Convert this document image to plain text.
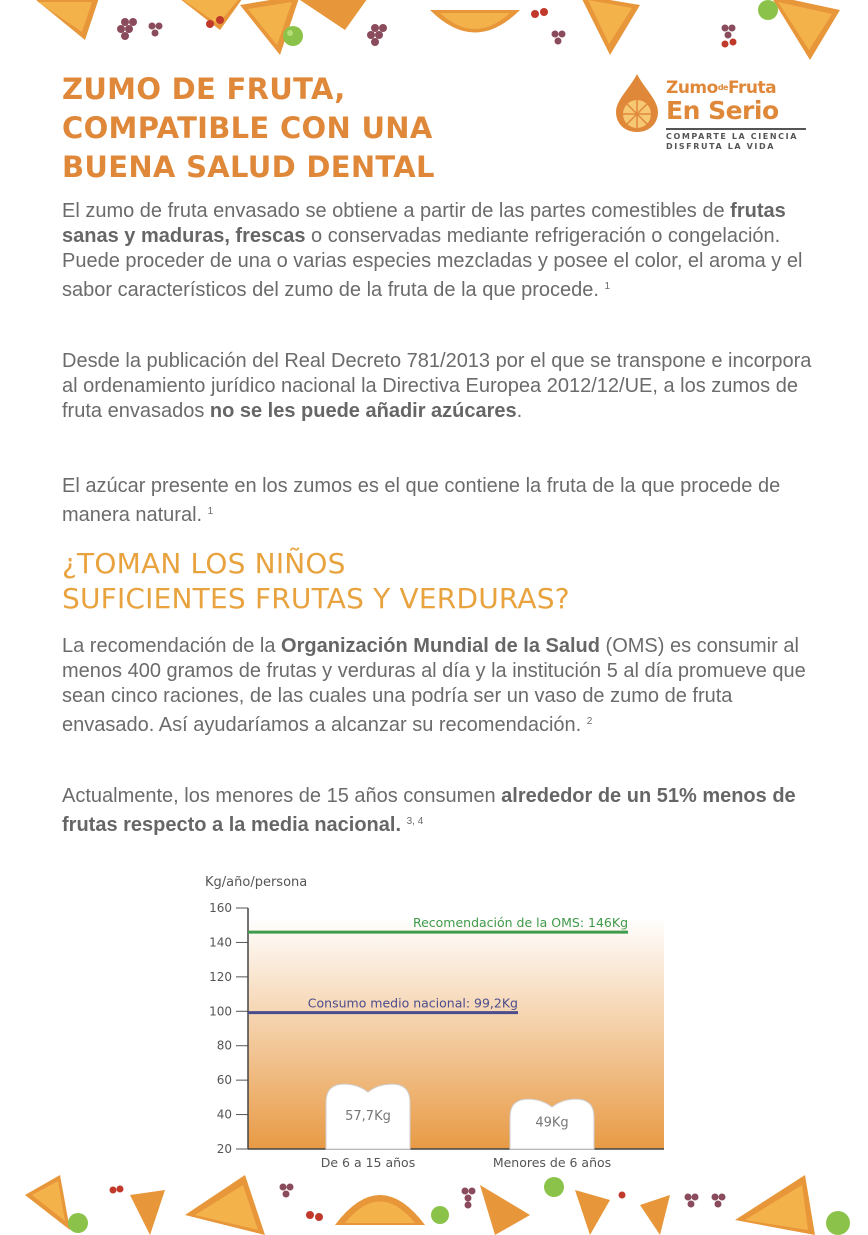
ZUMO DE FRUTA,
COMPATIBLE CON UNA
BUENA SALUD DENTAL
ZumodeFruta
En Serio
COMPARTE LA CIENCIA
DISFRUTA LA VIDA

El zumo de fruta envasado se obtiene a partir de las partes comestibles de frutas sanas y maduras, frescas o conservadas mediante refrigeración o congelación. Puede proceder de una o varias especies mezcladas y posee el color, el aroma y el sabor característicos del zumo de la fruta de la que procede. $^1$

Desde la publicación del Real Decreto 781/2013 por el que se transpone e incorpora al ordenamiento jurídico nacional la Directiva Europea 2012/12/UE, a los zumos de fruta envasados no se les puede añadir azúcares.

El azúcar presente en los zumos es el que contiene la fruta de la que procede de manera natural. $^1$

¿TOMAN LOS NIÑOS
SUFICIENTES FRUTAS Y VERDURAS?

La recomendación de la Organización Mundial de la Salud (OMS) es consumir al menos 400 gramos de frutas y verduras al día y la institución 5 al día promueve que sean cinco raciones, de las cuales una podría ser un vaso de zumo de fruta envasado. Así ayudaríamos a alcanzar su recomendación. $^2$

Actualmente, los menores de 15 años consumen alrededor de un 51% menos de frutas respecto a la media nacional. $^{3, 4}$

Kg/año/persona
160
140
120
100
80
60
40
20
Recomendación de la OMS: 146Kg
Consumo medio nacional: 99,2Kg
57,7Kg	49Kg
De 6 a 15 años	Menores de 6 años
